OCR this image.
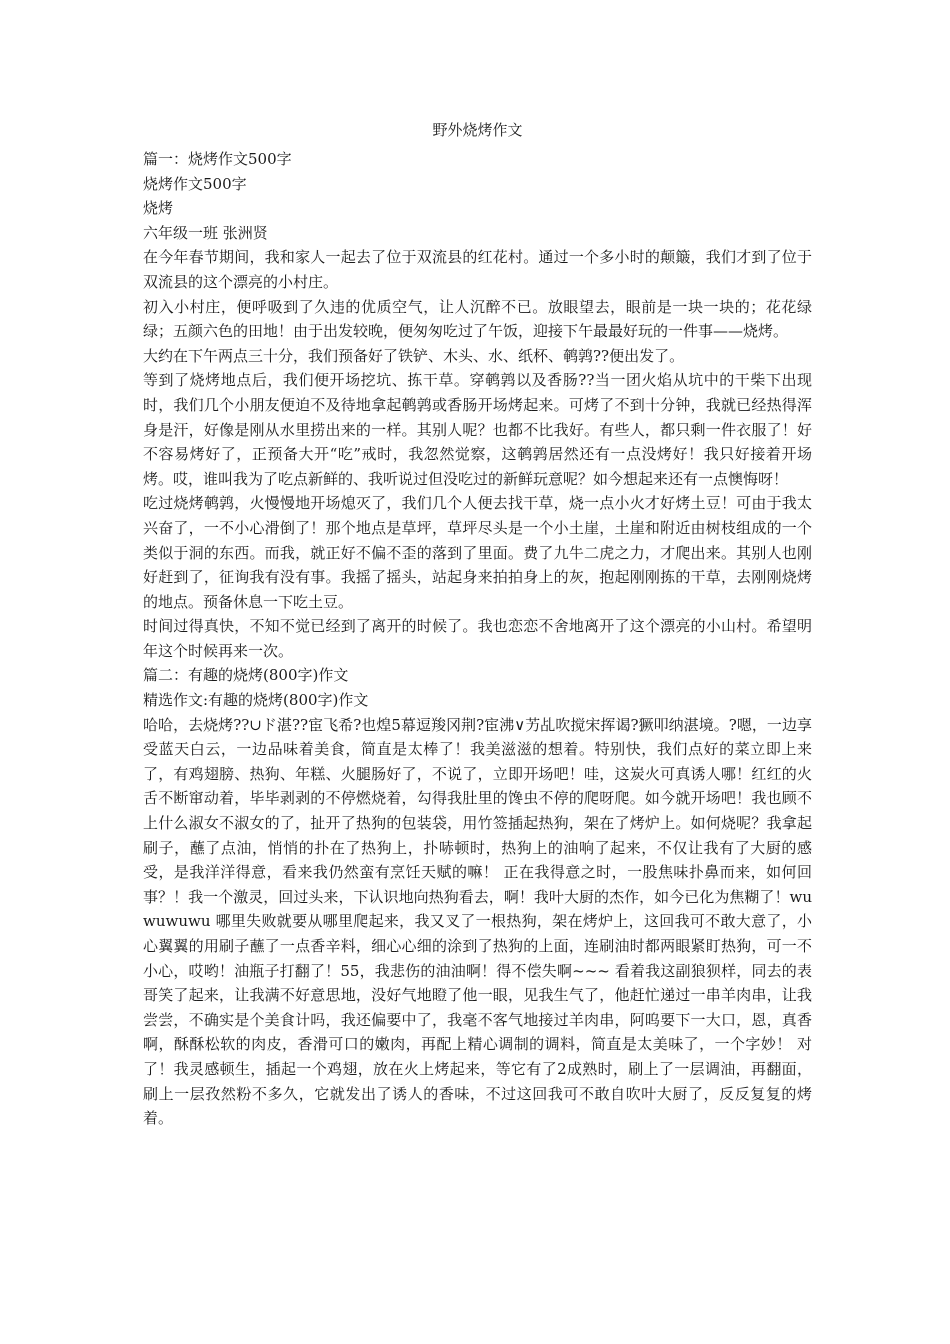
野外烧烤作文

篇一：烧烤作文500字

烧烤作文500字

烧烤

六年级一班 张洲贤

在今年春节期间，我和家人一起去了位于双流县的红花村。通过一个多小时的颠簸，我们才到了位于双流县的这个漂亮的小村庄。

初入小村庄，便呼吸到了久违的优质空气，让人沉醉不已。放眼望去，眼前是一块一块的；花花绿绿；五颜六色的田地！由于出发较晚，便匆匆吃过了午饭，迎接下午最最好玩的一件事——烧烤。

大约在下午两点三十分，我们预备好了铁铲、木头、水、纸杯、鹌鹑??便出发了。

等到了烧烤地点后，我们便开场挖坑、拣干草。穿鹌鹑以及香肠??当一团火焰从坑中的干柴下出现时，我们几个小朋友便迫不及待地拿起鹌鹑或香肠开场烤起来。可烤了不到十分钟，我就已经热得浑身是汗，好像是刚从水里捞出来的一样。其别人呢？也都不比我好。有些人，都只剩一件衣服了！好不容易烤好了，正预备大开“吃”戒时，我忽然觉察，这鹌鹑居然还有一点没烤好！我只好接着开场烤。哎，谁叫我为了吃点新鲜的、我听说过但没吃过的新鲜玩意呢？如今想起来还有一点懊悔呀！

吃过烧烤鹌鹑，火慢慢地开场熄灭了，我们几个人便去找干草，烧一点小火才好烤土豆！可由于我太兴奋了，一不小心滑倒了！那个地点是草坪，草坪尽头是一个小土崖，土崖和附近由树枝组成的一个类似于洞的东西。而我，就正好不偏不歪的落到了里面。费了九牛二虎之力，才爬出来。其别人也刚好赶到了，征询我有没有事。我摇了摇头，站起身来拍拍身上的灰，抱起刚刚拣的干草，去刚刚烧烤的地点。预备休息一下吃土豆。

时间过得真快，不知不觉已经到了离开的时候了。我也恋恋不舍地离开了这个漂亮的小山村。希望明年这个时候再来一次。

篇二：有趣的烧烤(800字)作文

精选作文:有趣的烧烤(800字)作文

哈哈，去烧烤??∪ド湛??宦飞希?也煌5幕逗羧冈荆?宦沸∨艻乩吹搅宋挥谒?獗叩纳湛境。?嗯，一边享受蓝天白云，一边品味着美食，简直是太棒了！我美滋滋的想着。特别快，我们点好的菜立即上来了，有鸡翅膀、热狗、年糕、火腿肠好了，不说了，立即开场吧！哇，这炭火可真诱人哪！红红的火舌不断窜动着，毕毕剥剥的不停燃烧着，勾得我肚里的馋虫不停的爬呀爬。如今就开场吧！我也顾不上什么淑女不淑女的了，扯开了热狗的包装袋，用竹签插起热狗，架在了烤炉上。如何烧呢？我拿起刷子，蘸了点油，悄悄的扑在了热狗上，扑哧顿时，热狗上的油响了起来，不仅让我有了大厨的感受，是我洋洋得意，看来我仍然蛮有烹饪天赋的嘛！ 正在我得意之时，一股焦味扑鼻而来，如何回事？！我一个激灵，回过头来，下认识地向热狗看去，啊！我叶大厨的杰作，如今已化为焦糊了！wuwuwuwu 哪里失败就要从哪里爬起来，我又叉了一根热狗，架在烤炉上，这回我可不敢大意了，小心翼翼的用刷子蘸了一点香辛料，细心心细的涂到了热狗的上面，连刷油时都两眼紧盯热狗，可一不小心，哎哟！油瓶子打翻了！55，我悲伤的油油啊！得不偿失啊~~~ 看着我这副狼狈样，同去的表哥笑了起来，让我满不好意思地，没好气地瞪了他一眼，见我生气了，他赶忙递过一串羊肉串，让我尝尝，不确实是个美食计吗，我还偏要中了，我毫不客气地接过羊肉串，阿呜要下一大口，恩，真香啊，酥酥松软的肉皮，香滑可口的嫩肉，再配上精心调制的调料，简直是太美味了，一个字妙！ 对了！我灵感顿生，插起一个鸡翅，放在火上烤起来，等它有了2成熟时，刷上了一层调油，再翻面，刷上一层孜然粉不多久，它就发出了诱人的香味，不过这回我可不敢自吹叶大厨了，反反复复的烤着。
